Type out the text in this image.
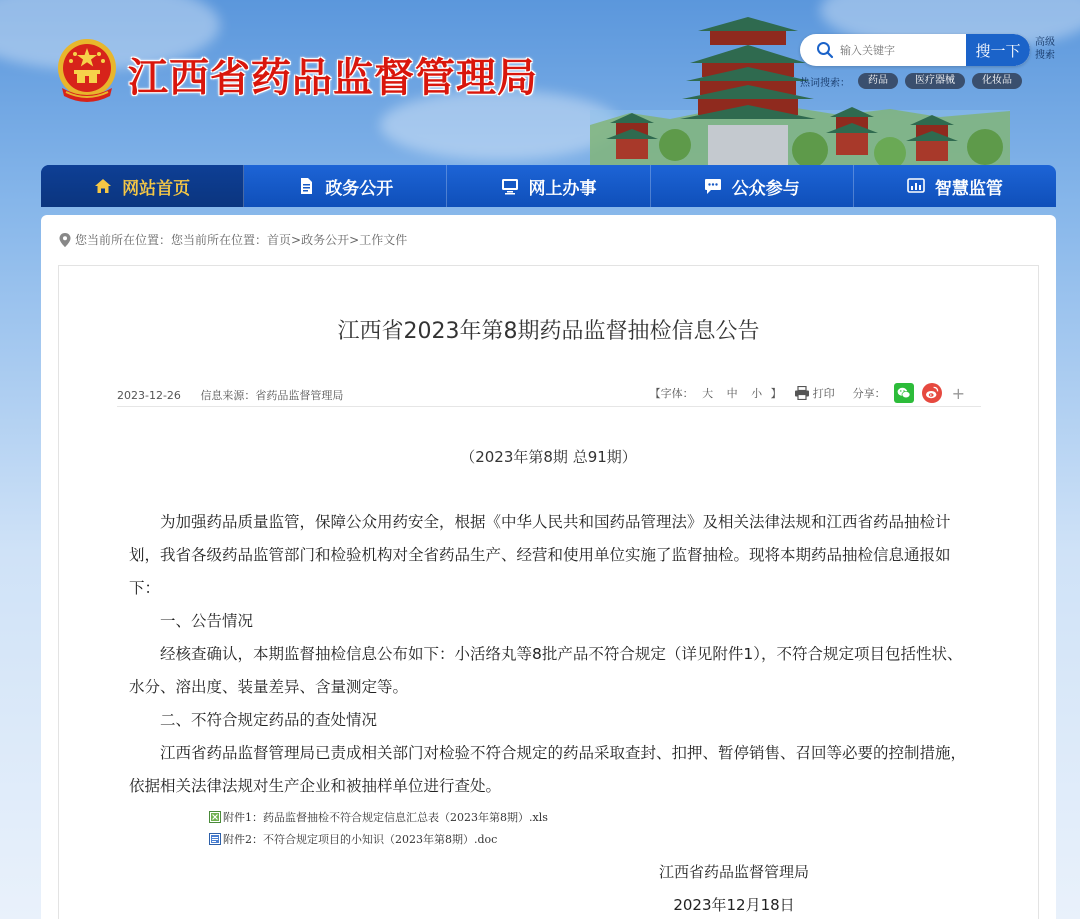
江西省药品监督管理局
输入关键字
搜一下	高级搜索
热词搜索：	药品	医疗器械	化妆品
网站首页	政务公开	网上办事	公众参与	智慧监管
您当前所在位置： 您当前所在位置： 首页 > 政务公开 > 工作文件
江西省2023年第8期药品监督抽检信息公告
2023-12-26 信息来源：省药品监督管理局	【字体： 大 中 小 】	打印 分享：	+
（2023年第8期 总91期）

为加强药品质量监管，保障公众用药安全，根据《中华人民共和国药品管理法》及相关法律法规和江西省药品抽检计划，我省各级药品监管部门和检验机构对全省药品生产、经营和使用单位实施了监督抽检。现将本期药品抽检信息通报如下：

一、公告情况

经核查确认，本期监督抽检信息公布如下：小活络丸等8批产品不符合规定（详见附件1），不符合规定项目包括性状、水分、溶出度、装量差异、含量测定等。

二、不符合规定药品的查处情况

江西省药品监督管理局已责成相关部门对检验不符合规定的药品采取查封、扣押、暂停销售、召回等必要的控制措施，依据相关法律法规对生产企业和被抽样单位进行查处。

附件1：药品监督抽检不符合规定信息汇总表（2023年第8期）.xls
附件2：不符合规定项目的小知识（2023年第8期）.doc
江西省药品监督管理局
2023年12月18日
